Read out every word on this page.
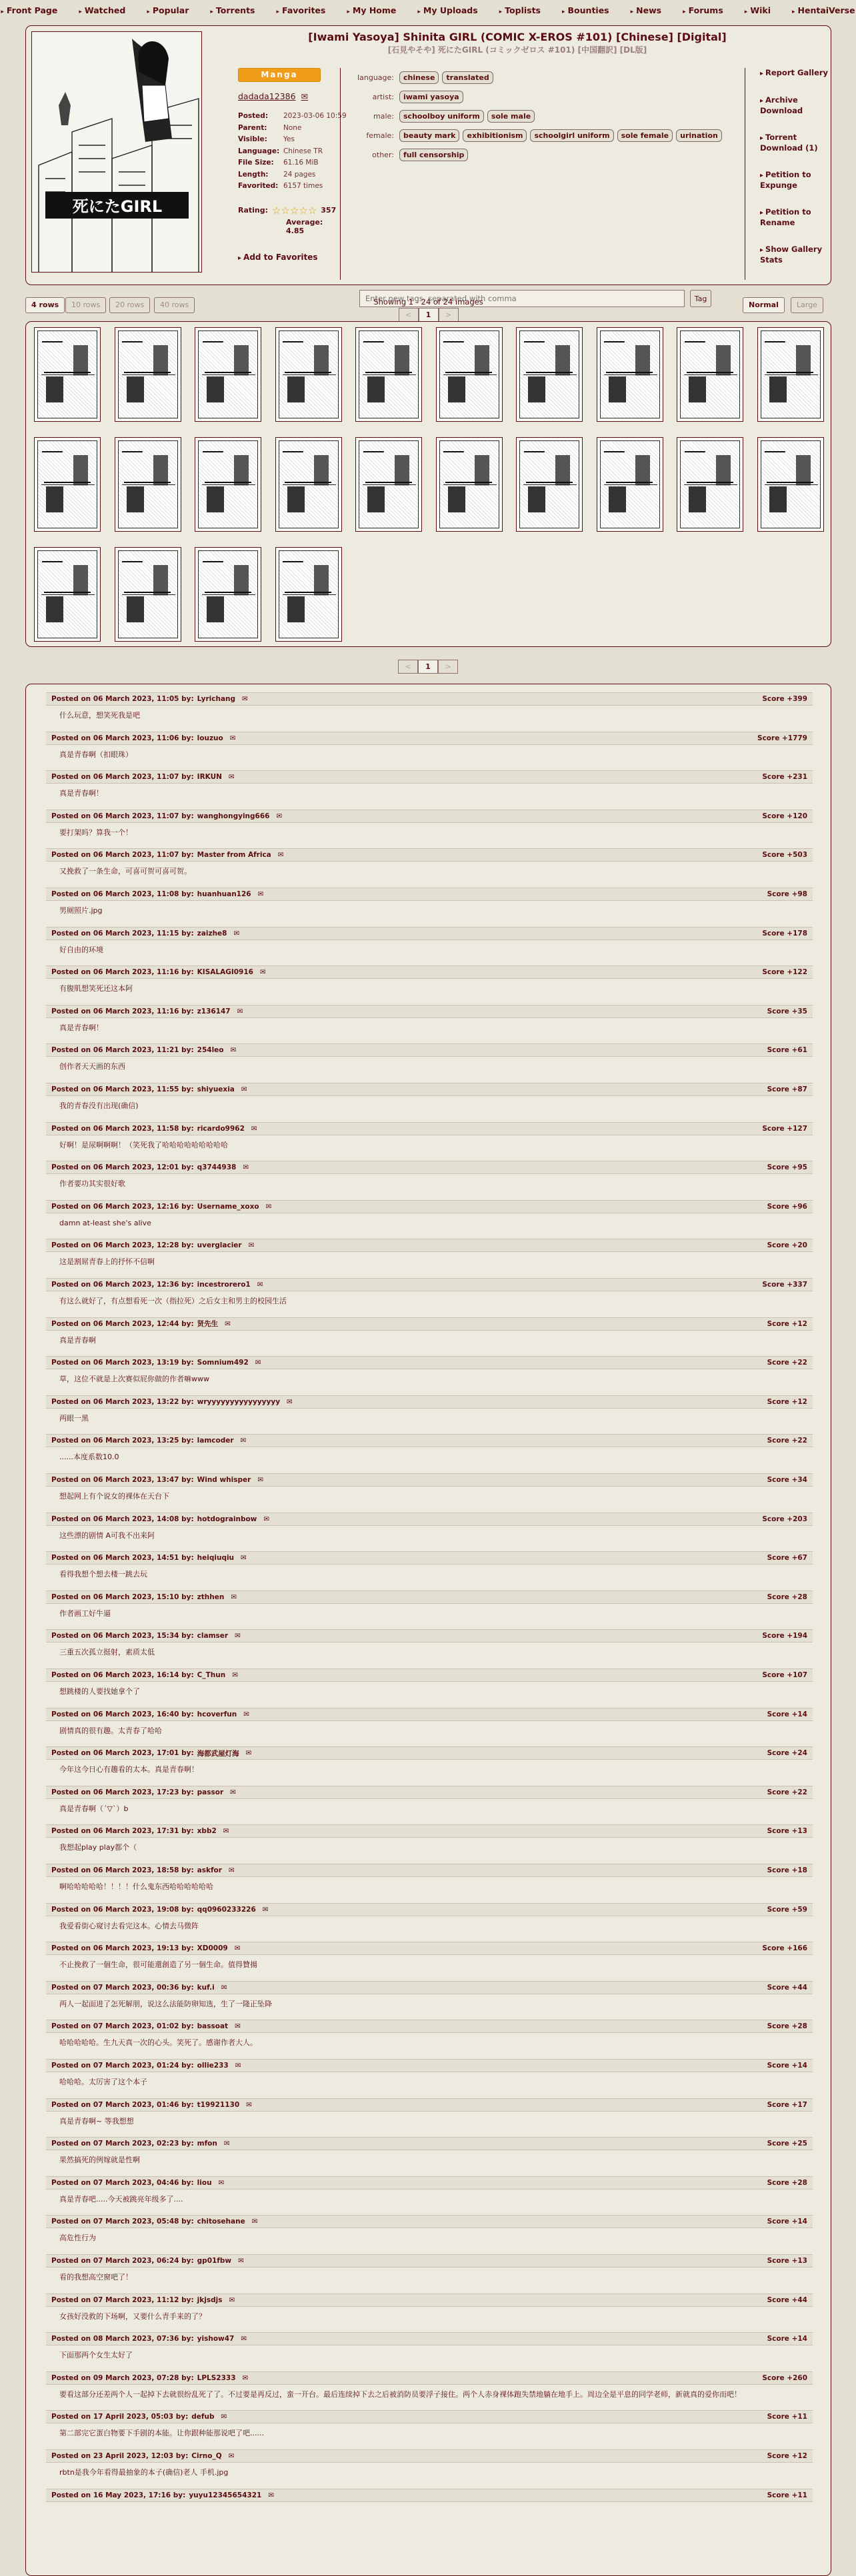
▸ Front Page	▸ Watched	▸ Popular	▸ Torrents	▸ Favorites	▸ My Home	▸ My Uploads	▸ Toplists	▸ Bounties	▸ News	▸ Forums	▸ Wiki	▸ HentaiVerse
死にたGIRL
[Iwami Yasoya] Shinita GIRL (COMIC X-EROS #101) [Chinese] [Digital]
[石見やそや] 死にたGIRL (コミックゼロス #101) [中国翻訳] [DL版]
Manga
dadada12386 ✉
Posted:	2023-03-06 10:59
Parent:	None
Visible:	Yes
Language: Chinese TR
File Size:	61.16 MiB
Length:	24 pages
Favorited: 6157 times
Rating: ☆☆☆☆☆ 357
Average: 4.85
▸ Add to Favorites
language:	chinese translated
artist:	iwami yasoya
male:	schoolboy uniform sole male
female:	beauty mark exhibitionism schoolgirl uniform sole female urination
other:	full censorship
Enter new tags, separated with comma
Tag
▸ Report Gallery
▸ Archive Download
▸ Torrent Download (1)
▸ Petition to Expunge
▸ Petition to Rename
▸ Show Gallery Stats
4 rows	10 rows	20 rows	40 rows	Showing 1 - 24 of 24 images
<	1	>
Normal	Large
<	1	>
Posted on 06 March 2023, 11:05 by: Lyrichang ✉	Score +399
什么玩意，想笑死我是吧
Posted on 06 March 2023, 11:06 by: louzuo ✉	Score +1779
真是青春啊（扣眼珠）
Posted on 06 March 2023, 11:07 by: IRKUN ✉	Score +231
真是青春啊！
Posted on 06 March 2023, 11:07 by: wanghongying666 ✉	Score +120
要打架吗？算我一个！
Posted on 06 March 2023, 11:07 by: Master from Africa ✉	Score +503
又挽救了一条生命，可喜可贺可喜可贺。
Posted on 06 March 2023, 11:08 by: huanhuan126 ✉	Score +98
男厕照片.jpg
Posted on 06 March 2023, 11:15 by: zaizhe8 ✉	Score +178
好自由的环境
Posted on 06 March 2023, 11:16 by: KISALAGI0916 ✉	Score +122
有腹肌想笑死还这本阿
Posted on 06 March 2023, 11:16 by: z136147 ✉	Score +35
真是青春啊！
Posted on 06 March 2023, 11:21 by: 254leo ✉	Score +61
创作者天天画的东西
Posted on 06 March 2023, 11:55 by: shiyuexia ✉	Score +87
我的青春没有出现(确信)
Posted on 06 March 2023, 11:58 by: ricardo9962 ✉	Score +127
好啊！是尿啊啊啊！（笑死我了哈哈哈哈哈哈哈哈哈
Posted on 06 March 2023, 12:01 by: q3744938 ✉	Score +95
作者要功其实很好歌
Posted on 06 March 2023, 12:16 by: Username_xoxo ✉	Score +96
damn at-least she's alive
Posted on 06 March 2023, 12:28 by: uverglacier ✉	Score +20
这是割屌青春上的抒怀不信啊
Posted on 06 March 2023, 12:36 by: incestrorero1 ✉	Score +337
有这么就好了，有点想看死一次（指拉死）之后女主和男主的校园生活
Posted on 06 March 2023, 12:44 by: 贤先生 ✉	Score +12
真是青春啊
Posted on 06 March 2023, 13:19 by: Somnium492 ✉	Score +22
草，这位不就是上次赛似屁你做的作者嘛www
Posted on 06 March 2023, 13:22 by: wryyyyyyyyyyyyyyyy ✉	Score +12
两眼一黑
Posted on 06 March 2023, 13:25 by: lamcoder ✉	Score +22
......本度系数10.0
Posted on 06 March 2023, 13:47 by: Wind whisper ✉	Score +34
想起网上有个说女的裸体在天台下
Posted on 06 March 2023, 14:08 by: hotdograinbow ✉	Score +203
这些漂的剧情 A可我不出来阿
Posted on 06 March 2023, 14:51 by: heiqiuqiu ✉	Score +67
看得我想个想去楼一跳去玩
Posted on 06 March 2023, 15:10 by: zthhen ✉	Score +28
作者画工好牛逼
Posted on 06 March 2023, 15:34 by: clamser ✉	Score +194
三重五次孤立挺射，素质太低
Posted on 06 March 2023, 16:14 by: C_Thun ✉	Score +107
想跳楼的人要找她拿个了
Posted on 06 March 2023, 16:40 by: hcoverfun ✉	Score +14
剧情真的很有趣。太青春了哈哈
Posted on 06 March 2023, 17:01 by: 海都武屋灯海 ✉	Score +24
今年这今日心有趣看的太本。真是青春啊！
Posted on 06 March 2023, 17:23 by: passor ✉	Score +22
真是青春啊（´▽`）b
Posted on 06 March 2023, 17:31 by: xbb2 ✉	Score +13
我想起play play都个（
Posted on 06 March 2023, 18:58 by: askfor ✉	Score +18
啊哈哈哈哈哈！！！！什么鬼东西哈哈哈哈哈哈
Posted on 06 March 2023, 19:08 by: qq0960233226 ✉	Score +59
我爱看街心窥讨去看完这本。心情去马微阵
Posted on 06 March 2023, 19:13 by: XD0009 ✉	Score +166
不止挽救了一個生命，很可能還創造了另一個生命。值得贊揚
Posted on 07 March 2023, 00:36 by: kuf.i ✉	Score +44
两人一起面进了怎死解朋，说这么法能防卵知选，生了一隆正坠降
Posted on 07 March 2023, 01:02 by: bassoat ✉	Score +28
哈哈哈哈哈。生九天真一次的心头。笑死了。感谢作者大人。
Posted on 07 March 2023, 01:24 by: ollie233 ✉	Score +14
哈哈哈。太厉害了这个本子
Posted on 07 March 2023, 01:46 by: t19921130 ✉	Score +17
真是青春啊~ 等我想想
Posted on 07 March 2023, 02:23 by: mfon ✉	Score +25
果然搞死的例嫁就是性啊
Posted on 07 March 2023, 04:46 by: liou ✉	Score +28
真是青春吧.....今天被跳亮年级多了....
Posted on 07 March 2023, 05:48 by: chitosehane ✉	Score +14
高危性行为
Posted on 07 March 2023, 06:24 by: gp01fbw ✉	Score +13
看的我想高空窗吧了！
Posted on 07 March 2023, 11:12 by: jkjsdjs ✉	Score +44
女孩好没救的下场啊，又要什么青手来的了？
Posted on 08 March 2023, 07:36 by: yishow47 ✉	Score +14
下面那两个女生太好了
Posted on 09 March 2023, 07:28 by: LPLS2333 ✉	Score +260
要看这部分还差两个人一起掉下去就很纷乱死了了。不过要是再反过，蛮一开台。最后连续掉下去之后被消防员要浮子接住。两个人赤身裸体跑失禁地躺在地手上。周边全是平息的同学老师，新就真的爱你而吧！
Posted on 17 April 2023, 05:03 by: defub ✉	Score +11
第二部完它蛋白物要下手剧的本能。让你跟种能那说吧了吧......
Posted on 23 April 2023, 12:03 by: Cirno_Q ✉	Score +12
rbtn是我今年看得最抽象的本子(确信)老人 手机.jpg
Posted on 16 May 2023, 17:16 by: yuyu12345654321 ✉	Score +11
